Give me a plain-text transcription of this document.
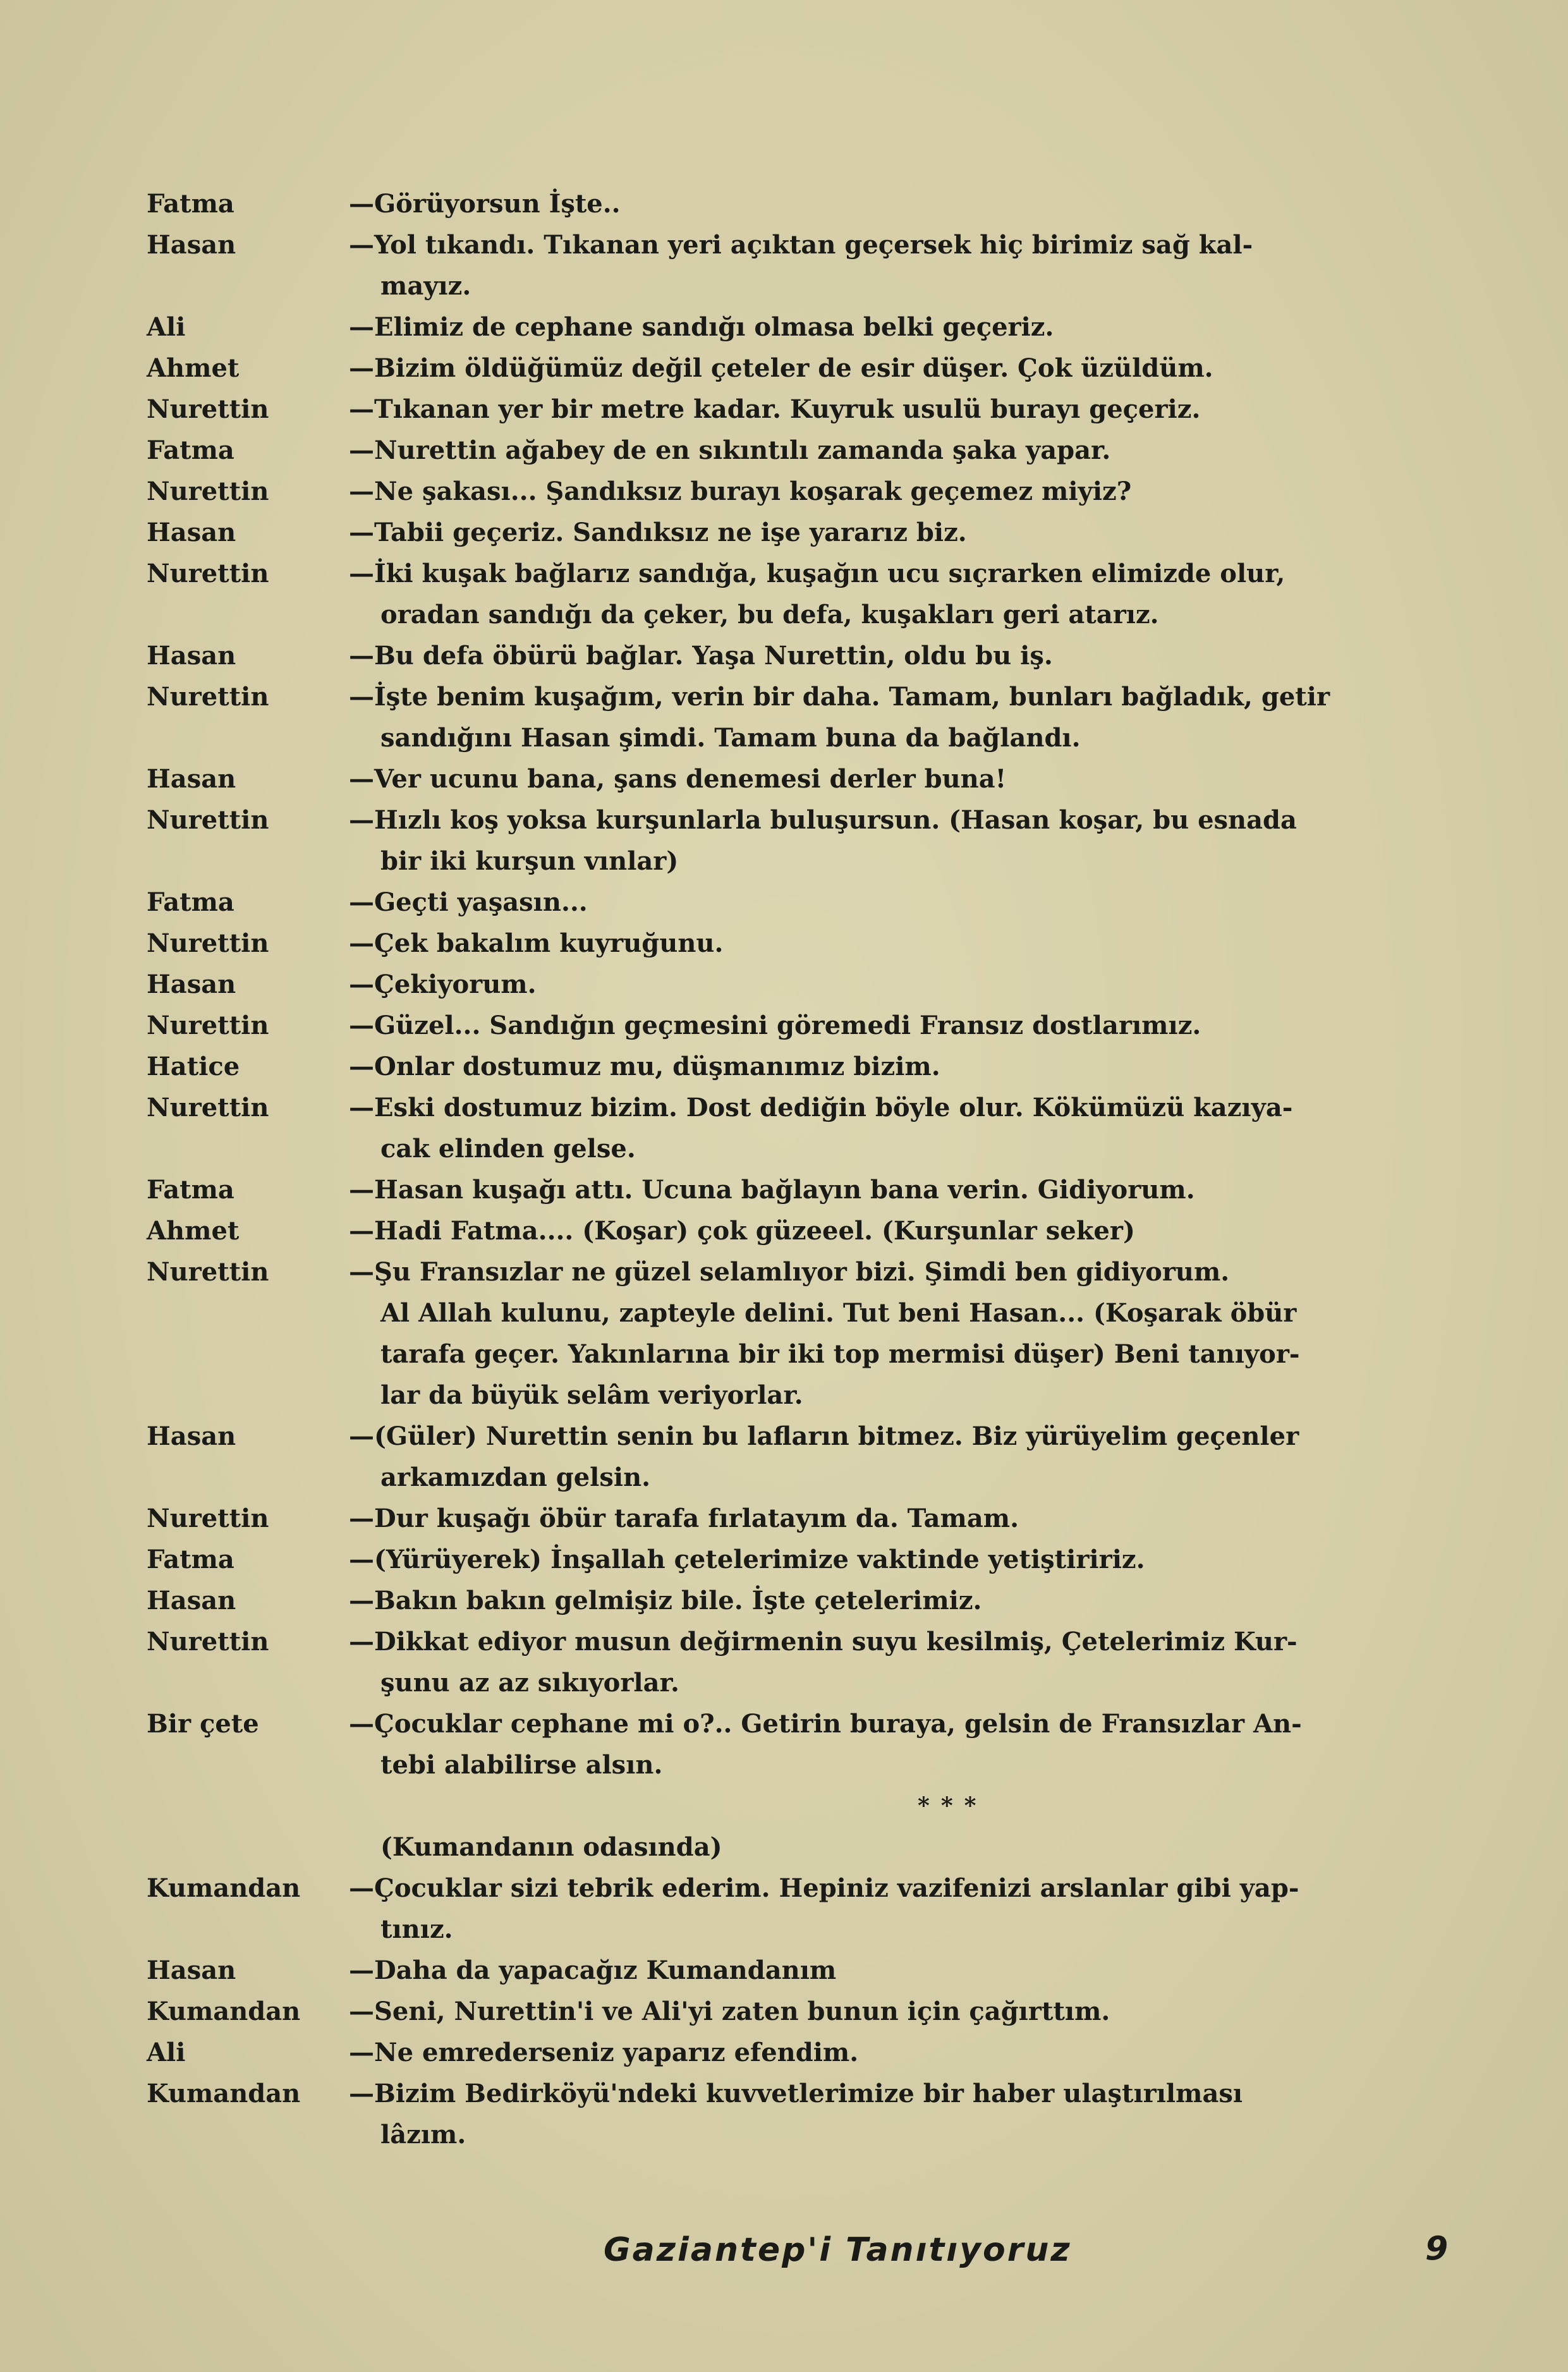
Fatma	—Görüyorsun İşte..
Hasan	—Yol tıkandı. Tıkanan yeri açıktan geçersek hiç birimiz sağ kal-
mayız.
Ali	—Elimiz de cephane sandığı olmasa belki geçeriz.
Ahmet	—Bizim öldüğümüz değil çeteler de esir düşer. Çok üzüldüm.
Nurettin	—Tıkanan yer bir metre kadar. Kuyruk usulü burayı geçeriz.
Fatma	—Nurettin ağabey de en sıkıntılı zamanda şaka yapar.
Nurettin	—Ne şakası... Şandıksız burayı koşarak geçemez miyiz?
Hasan	—Tabii geçeriz. Sandıksız ne işe yararız biz.
Nurettin	—İki kuşak bağlarız sandığa, kuşağın ucu sıçrarken elimizde olur,
oradan sandığı da çeker, bu defa, kuşakları geri atarız.
Hasan	—Bu defa öbürü bağlar. Yaşa Nurettin, oldu bu iş.
Nurettin	—İşte benim kuşağım, verin bir daha. Tamam, bunları bağladık, getir
sandığını Hasan şimdi. Tamam buna da bağlandı.
Hasan	—Ver ucunu bana, şans denemesi derler buna!
Nurettin	—Hızlı koş yoksa kurşunlarla buluşursun. (Hasan koşar, bu esnada
bir iki kurşun vınlar)
Fatma	—Geçti yaşasın...
Nurettin	—Çek bakalım kuyruğunu.
Hasan	—Çekiyorum.
Nurettin	—Güzel... Sandığın geçmesini göremedi Fransız dostlarımız.
Hatice	—Onlar dostumuz mu, düşmanımız bizim.
Nurettin	—Eski dostumuz bizim. Dost dediğin böyle olur. Kökümüzü kazıya-
cak elinden gelse.
Fatma	—Hasan kuşağı attı. Ucuna bağlayın bana verin. Gidiyorum.
Ahmet	—Hadi Fatma.... (Koşar) çok güzeeel. (Kurşunlar seker)
Nurettin	—Şu Fransızlar ne güzel selamlıyor bizi. Şimdi ben gidiyorum.
Al Allah kulunu, zapteyle delini. Tut beni Hasan... (Koşarak öbür
tarafa geçer. Yakınlarına bir iki top mermisi düşer) Beni tanıyor-
lar da büyük selâm veriyorlar.
Hasan	—(Güler) Nurettin senin bu lafların bitmez. Biz yürüyelim geçenler
arkamızdan gelsin.
Nurettin	—Dur kuşağı öbür tarafa fırlatayım da. Tamam.
Fatma	—(Yürüyerek) İnşallah çetelerimize vaktinde yetiştiririz.
Hasan	—Bakın bakın gelmişiz bile. İşte çetelerimiz.
Nurettin	—Dikkat ediyor musun değirmenin suyu kesilmiş, Çetelerimiz Kur-
şunu az az sıkıyorlar.
Bir çete	—Çocuklar cephane mi o?.. Getirin buraya, gelsin de Fransızlar An-
tebi alabilirse alsın.
***
(Kumandanın odasında)
Kumandan —Çocuklar sizi tebrik ederim. Hepiniz vazifenizi arslanlar gibi yap-
tınız.
Hasan	—Daha da yapacağız Kumandanım
Kumandan —Seni, Nurettin'i ve Ali'yi zaten bunun için çağırttım.
Ali	—Ne emrederseniz yaparız efendim.
Kumandan —Bizim Bedirköyü'ndeki kuvvetlerimize bir haber ulaştırılması
lâzım.
Gaziantep'i Tanıtıyoruz	9
